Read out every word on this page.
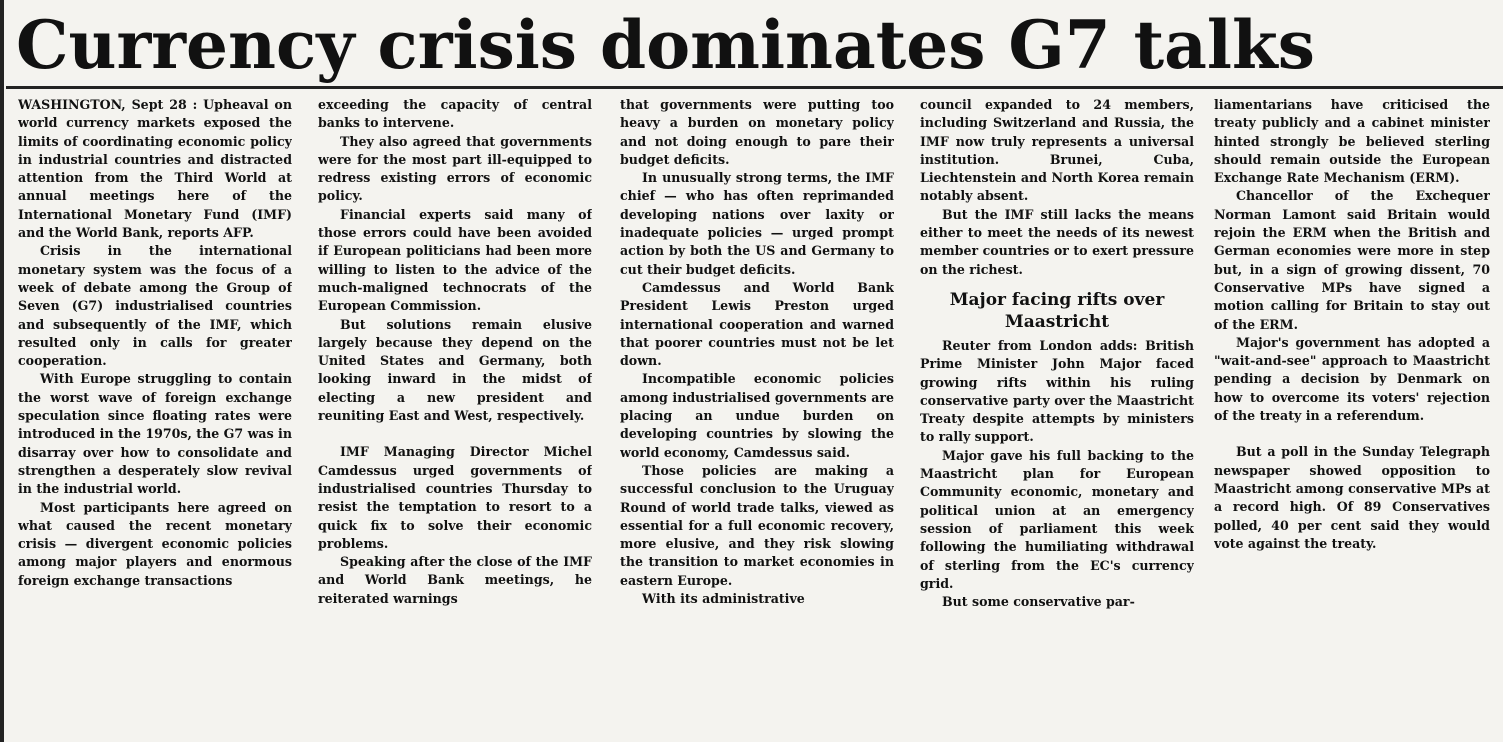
Currency crisis dominates G7 talks

WASHINGTON, Sept 28 : Upheaval on world currency markets exposed the limits of coordinating economic policy in industrial countries and distracted attention from the Third World at annual meetings here of the International Monetary Fund (IMF) and the World Bank, reports AFP.

Crisis in the international monetary system was the focus of a week of debate among the Group of Seven (G7) industrialised countries and subsequently of the IMF, which resulted only in calls for greater cooperation.

With Europe struggling to contain the worst wave of foreign exchange speculation since floating rates were introduced in the 1970s, the G7 was in disarray over how to consolidate and strengthen a desperately slow revival in the industrial world.

Most participants here agreed on what caused the recent monetary crisis — divergent economic policies among major players and enormous foreign exchange transactions

exceeding the capacity of central banks to intervene.

They also agreed that governments were for the most part ill-equipped to redress existing errors of economic policy.

Financial experts said many of those errors could have been avoided if European politicians had been more willing to listen to the advice of the much-maligned technocrats of the European Commission.

But solutions remain elusive largely because they depend on the United States and Germany, both looking inward in the midst of electing a new president and reuniting East and West, respectively.

IMF Managing Director Michel Camdessus urged governments of industrialised countries Thursday to resist the temptation to resort to a quick fix to solve their economic problems.

Speaking after the close of the IMF and World Bank meetings, he reiterated warnings

that governments were putting too heavy a burden on monetary policy and not doing enough to pare their budget deficits.

In unusually strong terms, the IMF chief — who has often reprimanded developing nations over laxity or inadequate policies — urged prompt action by both the US and Germany to cut their budget deficits.

Camdessus and World Bank President Lewis Preston urged international cooperation and warned that poorer countries must not be let down.

Incompatible economic policies among industrialised governments are placing an undue burden on developing countries by slowing the world economy, Camdessus said.

Those policies are making a successful conclusion to the Uruguay Round of world trade talks, viewed as essential for a full economic recovery, more elusive, and they risk slowing the transition to market economies in eastern Europe.

With its administrative

council expanded to 24 members, including Switzerland and Russia, the IMF now truly represents a universal institution. Brunei, Cuba, Liechtenstein and North Korea remain notably absent.

But the IMF still lacks the means either to meet the needs of its newest member countries or to exert pressure on the richest.

Major facing rifts over Maastricht

Reuter from London adds: British Prime Minister John Major faced growing rifts within his ruling conservative party over the Maastricht Treaty despite attempts by ministers to rally support.

Major gave his full backing to the Maastricht plan for European Community economic, monetary and political union at an emergency session of parliament this week following the humiliating withdrawal of sterling from the EC's currency grid.

But some conservative par-

liamentarians have criticised the treaty publicly and a cabinet minister hinted strongly be believed sterling should remain outside the European Exchange Rate Mechanism (ERM).

Chancellor of the Exchequer Norman Lamont said Britain would rejoin the ERM when the British and German economies were more in step but, in a sign of growing dissent, 70 Conservative MPs have signed a motion calling for Britain to stay out of the ERM.

Major's government has adopted a "wait-and-see" approach to Maastricht pending a decision by Denmark on how to overcome its voters' rejection of the treaty in a referendum.

But a poll in the Sunday Telegraph newspaper showed opposition to Maastricht among conservative MPs at a record high. Of 89 Conservatives polled, 40 per cent said they would vote against the treaty.
